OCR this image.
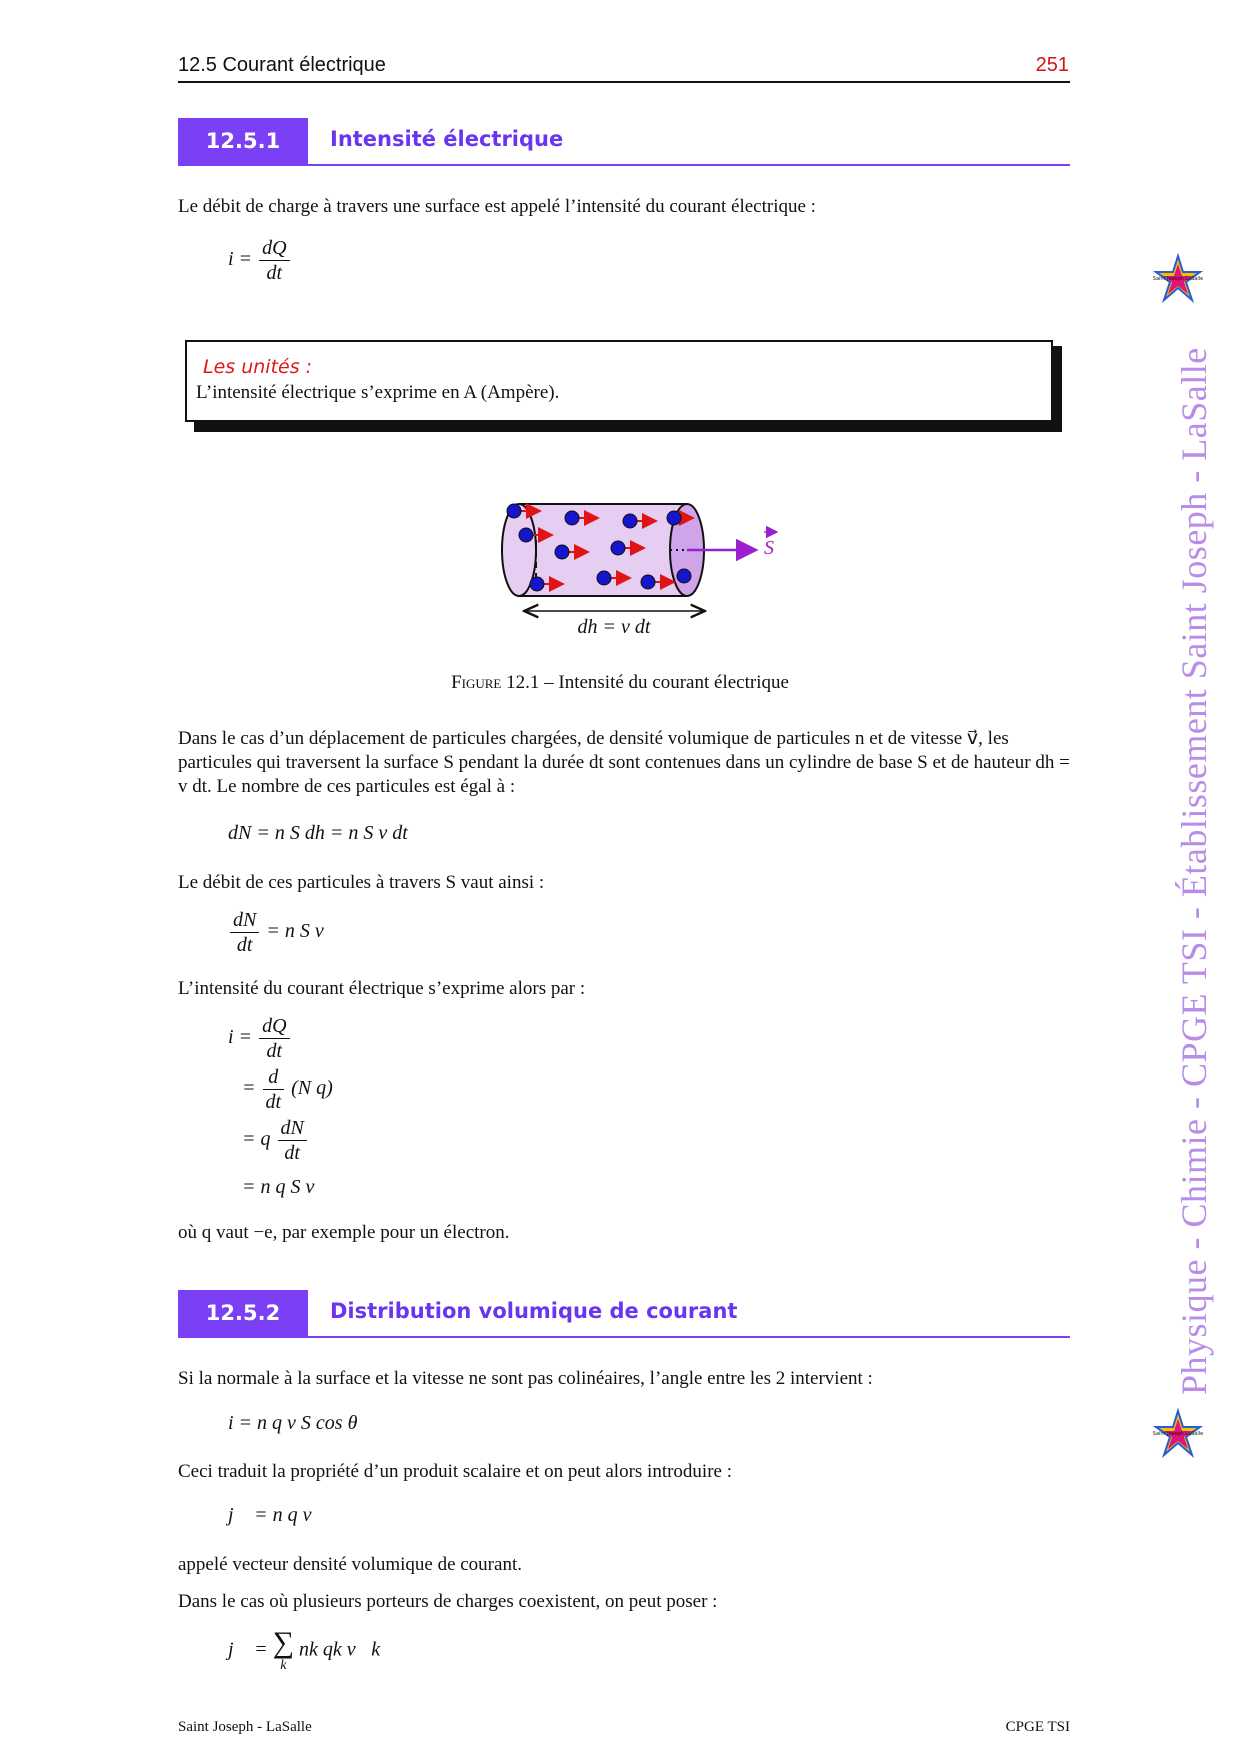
12.5 Courant électrique	251
12.5.1 Intensité électrique
Le débit de charge à travers une surface est appelé l’intensité du courant électrique :
$i = \frac{dQ}{dt}$
Les unités :
L’intensité électrique s’exprime en A (Ampère).
S
dh = v dt
Figure 12.1 – Intensité du courant électrique
Dans le cas d’un déplacement de particules chargées, de densité volumique de particules n et de vitesse v⃗, les particules qui traversent la surface S pendant la durée dt sont contenues dans un cylindre de base S et de hauteur dh = v dt. Le nombre de ces particules est égal à :
dN = n S dh = n S v dt
Le débit de ces particules à travers S vaut ainsi :
$\frac{dN}{dt} = n$ S v
L’intensité du courant électrique s’exprime alors par :
$i = \frac{dQ}{dt}$
= $\frac{d}{dt} (N$ q)
= q $\frac{dN}{dt}$
= n q S v
où q vaut −e, par exemple pour un électron.
12.5.2 Distribution volumique de courant
Si la normale à la surface et la vitesse ne sont pas colinéaires, l’angle entre les 2 intervient :
i = n q v S cos θ
Ceci traduit la propriété d’un produit scalaire et on peut alors introduire :
j⃗ = n q v⃗
appelé vecteur densité volumique de courant.
Dans le cas où plusieurs porteurs de charges coexistent, on peut poser :
j⃗ = ∑
k
nk qk v⃗k
Physique - Chimie - CPGE TSI - Établissement Saint Joseph - LaSalle
Saint Joseph LaSalle
Saint Joseph LaSalle
Saint Joseph - LaSalle	CPGE TSI
